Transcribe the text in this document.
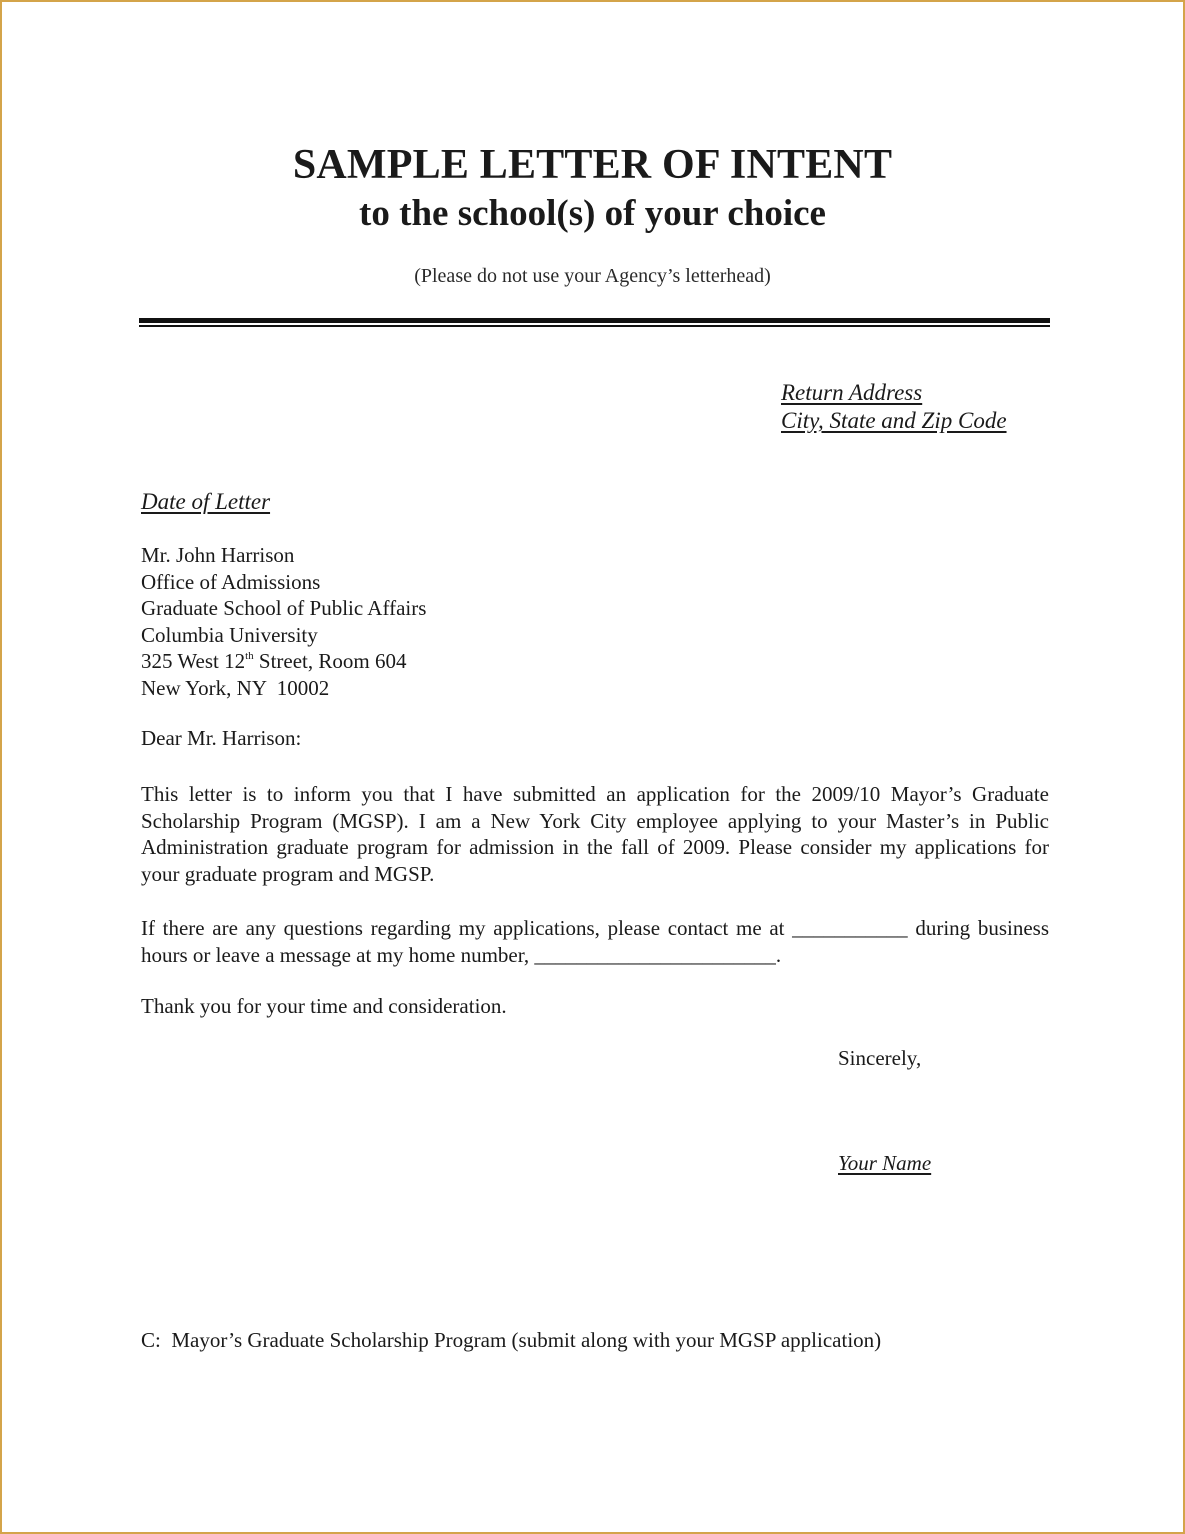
SAMPLE LETTER OF INTENT
to the school(s) of your choice
(Please do not use your Agency’s letterhead)
Return Address
City, State and Zip Code
Date of Letter
Mr. John Harrison
Office of Admissions
Graduate School of Public Affairs
Columbia University
325 West 12th Street, Room 604
New York, NY  10002
Dear Mr. Harrison:

This letter is to inform you that I have submitted an application for the 2009/10 Mayor’s Graduate Scholarship Program (MGSP). I am a New York City employee applying to your Master’s in Public Administration graduate program for admission in the fall of 2009. Please consider my applications for your graduate program and MGSP.

If there are any questions regarding my applications, please contact me at ___________ during business hours or leave a message at my home number, _______________________.

Thank you for your time and consideration.
Sincerely,
Your Name
C:  Mayor’s Graduate Scholarship Program (submit along with your MGSP application)
